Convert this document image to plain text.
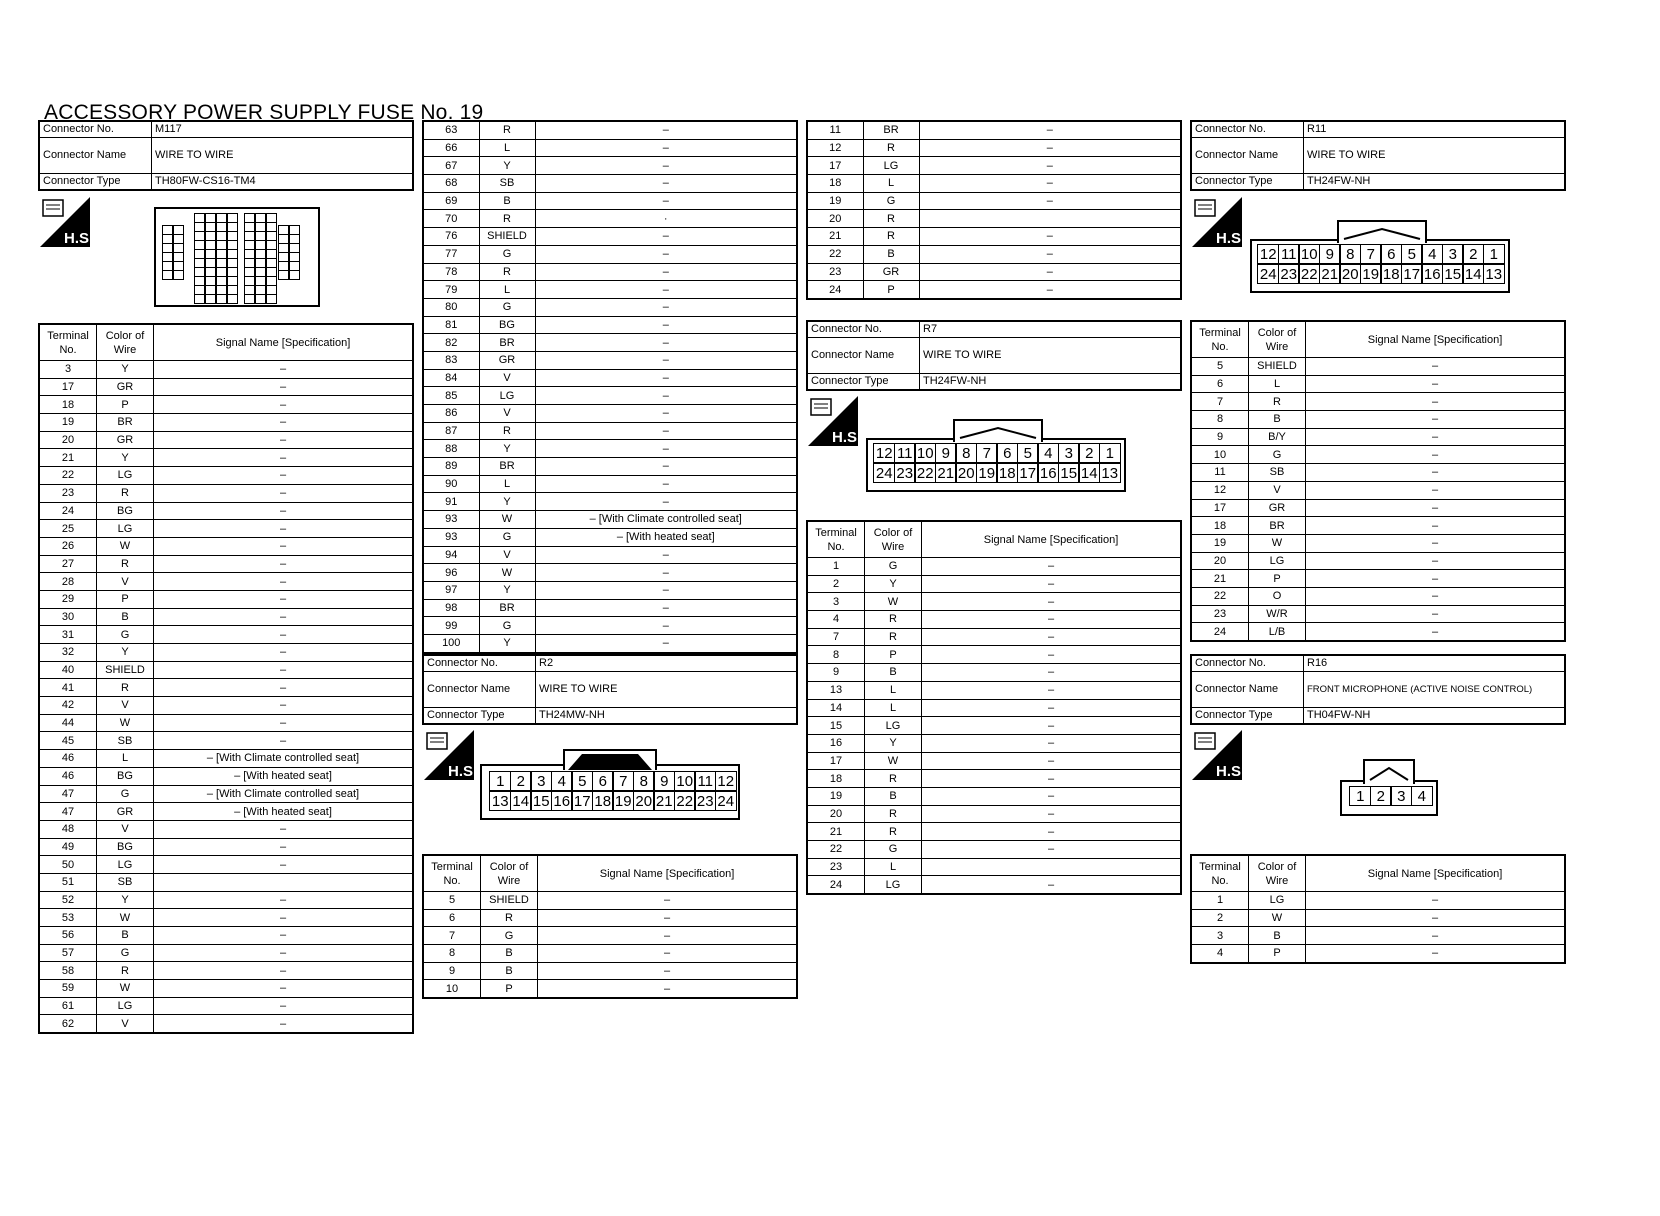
ACCESSORY POWER SUPPLY FUSE No. 19
Connector No.	M117
Connector Name	WIRE TO WIRE
Connector Type	TH80FW-CS16-TM4
H.S.
Terminal No.	Color of Wire	Signal Name [Specification]
3	Y	–
17	GR	–
18	P	–
19	BR	–
20	GR	–
21	Y	–
22	LG	–
23	R	–
24	BG	–
25	LG	–
26	W	–
27	R	–
28	V	–
29	P	–
30	B	–
31	G	–
32	Y	–
40	SHIELD	–
41	R	–
42	V	–
44	W	–
45	SB	–
46	L	– [With Climate controlled seat]
46	BG	– [With heated seat]
47	G	– [With Climate controlled seat]
47	GR	– [With heated seat]
48	V	–
49	BG	–
50	LG	–
51	SB	
52	Y	–
53	W	–
56	B	–
57	G	–
58	R	–
59	W	–
61	LG	–
62	V	–
63	R	–
66	L	–
67	Y	–
68	SB	–
69	B	–
70	R	·
76	SHIELD	–
77	G	–
78	R	–
79	L	–
80	G	–
81	BG	–
82	BR	–
83	GR	–
84	V	–
85	LG	–
86	V	–
87	R	–
88	Y	–
89	BR	–
90	L	–
91	Y	–
93	W	– [With Climate controlled seat]
93	G	– [With heated seat]
94	V	–
96	W	–
97	Y	–
98	BR	–
99	G	–
100	Y	–
Connector No.	R2
Connector Name	WIRE TO WIRE
Connector Type	TH24MW-NH
H.S.
1 2 3 4 5 6 7 8 9 10 11 12
13 14 15 16 17 18 19 20 21 22 23 24
Terminal No.	Color of Wire	Signal Name [Specification]
5	SHIELD	–
6	R	–
7	G	–
8	B	–
9	B	–
10	P	–
11	BR	–
12	R	–
17	LG	–
18	L	–
19	G	–
20	R	
21	R	–
22	B	–
23	GR	–
24	P	–
Connector No.	R7
Connector Name	WIRE TO WIRE
Connector Type	TH24FW-NH
H.S.
12 11 10 9 8 7 6 5 4 3 2 1
24 23 22 21 20 19 18 17 16 15 14 13
Terminal No.	Color of Wire	Signal Name [Specification]
1	G	–
2	Y	–
3	W	–
4	R	–
7	R	–
8	P	–
9	B	–
13	L	–
14	L	–
15	LG	–
16	Y	–
17	W	–
18	R	–
19	B	–
20	R	–
21	R	–
22	G	–
23	L	
24	LG	–
Connector No.	R11
Connector Name	WIRE TO WIRE
Connector Type	TH24FW-NH
H.S.
12 11 10 9 8 7 6 5 4 3 2 1
24 23 22 21 20 19 18 17 16 15 14 13
Terminal No.	Color of Wire	Signal Name [Specification]
5	SHIELD	–
6	L	–
7	R	–
8	B	–
9	B/Y	–
10	G	–
11	SB	–
12	V	–
17	GR	–
18	BR	–
19	W	–
20	LG	–
21	P	–
22	O	–
23	W/R	–
24	L/B	–
Connector No.	R16
Connector Name	FRONT MICROPHONE (ACTIVE NOISE CONTROL)
Connector Type	TH04FW-NH
H.S.
1 2 3 4
Terminal No.	Color of Wire	Signal Name [Specification]
1	LG	–
2	W	–
3	B	–
4	P	–
